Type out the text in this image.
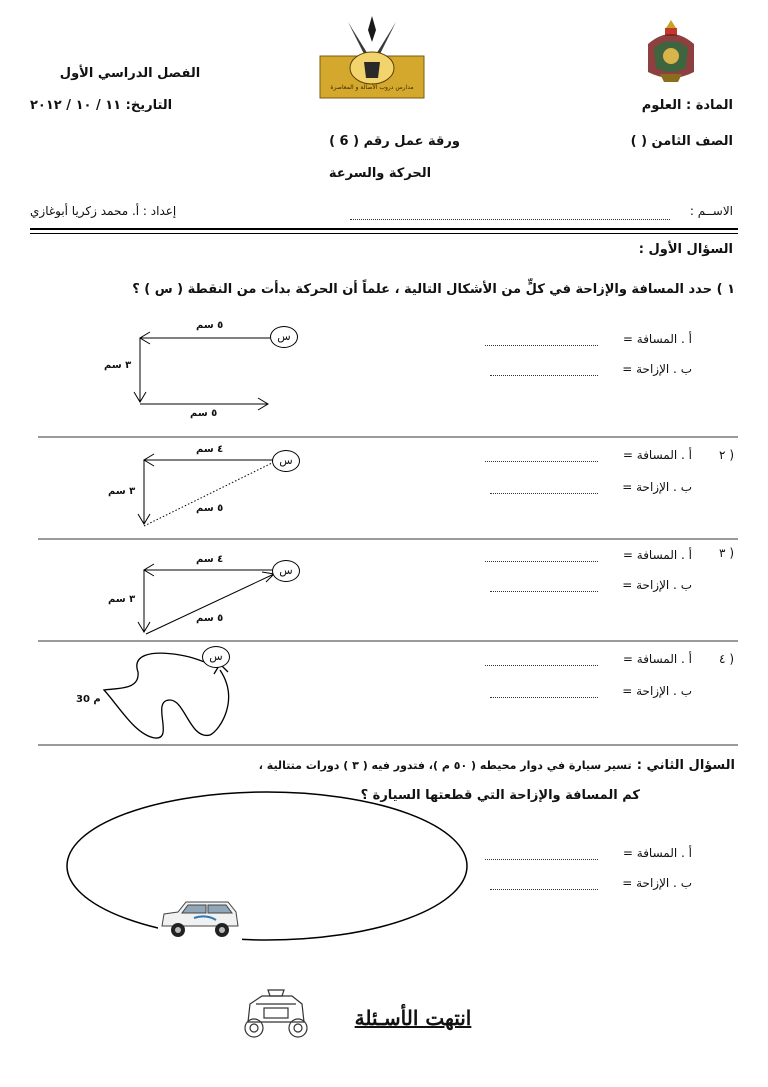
مدارس دروب الأصالة و المعاصرة
الفصل الدراسي الأول
التاريخ: ١١ / ١٠ / ٢٠١٢	المادة : العلوم
الصف الثامن ( )
ورقة عمل رقم ( 6 )
الحركة والسرعة
الاســم :
إعداد : أ. محمد زكريا أبوغازي
السؤال الأول :
١ ) حدد المسافة والإزاحة في كلٍّ من الأشكال التالية ، علماً أن الحركة بدأت من النقطة ( س ) ؟
س
٥ سم
٣ سم
٥ سم
أ . المسافة =
ب . الإزاحة =
٢ )
س
٤ سم
٣ سم
٥ سم
أ . المسافة =
ب . الإزاحة =
٣ )
س
٤ سم
٣ سم
٥ سم
أ . المسافة =
ب . الإزاحة =
٤ )
س
30 م
أ . المسافة =
ب . الإزاحة =
السؤال الثاني : تسير سيارة في دوار محيطه ( ٥٠ م )، فتدور فيه ( ٣ ) دورات متتالية ،
كم المسافة والإزاحة التي قطعتها السيارة ؟
أ . المسافة =
ب . الإزاحة =
انتهت الأسـئلة
